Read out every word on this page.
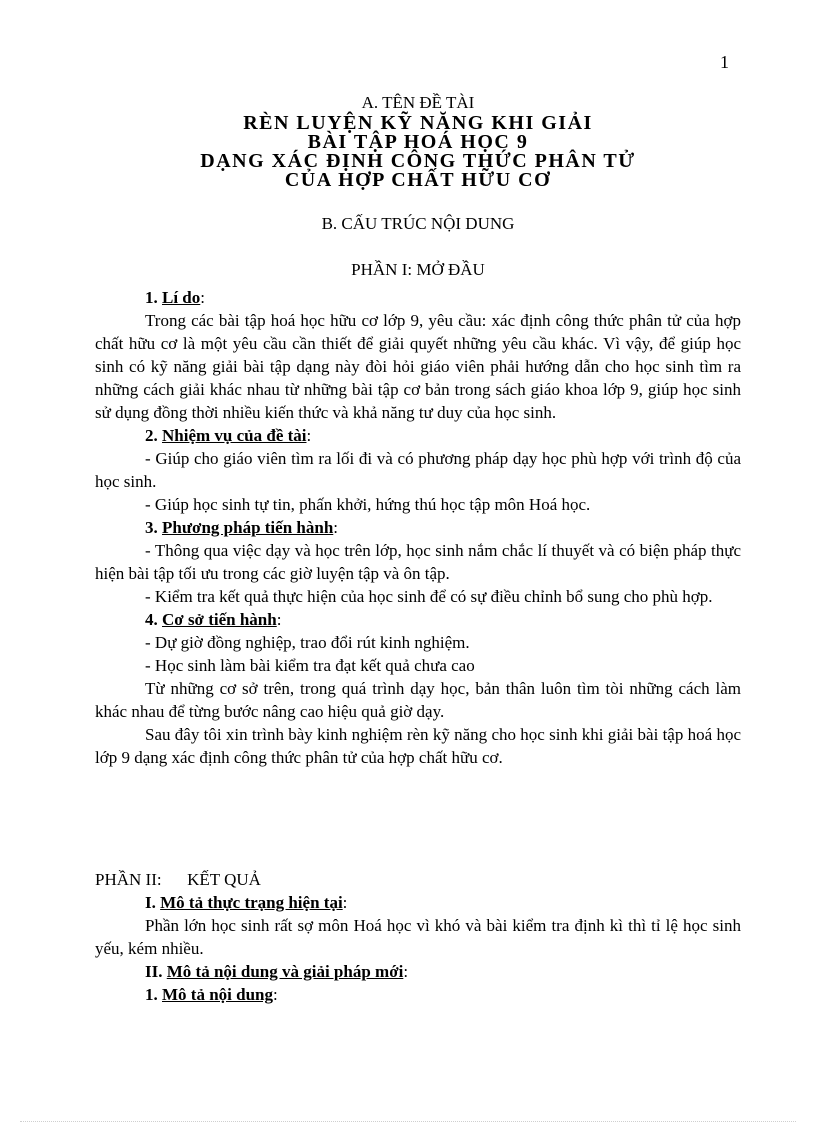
1
A. TÊN ĐỀ TÀI
RÈN LUYỆN KỸ NĂNG KHI GIẢI
BÀI TẬP HOÁ HỌC 9
DẠNG XÁC ĐỊNH CÔNG THỨC PHÂN TỬ
CỦA HỢP CHẤT HỮU CƠ
B. CẤU TRÚC NỘI DUNG
PHẦN I: MỞ ĐẦU

1. Lí do:

Trong các bài tập hoá học hữu cơ lớp 9, yêu cầu: xác định công thức phân tử của hợp chất hữu cơ là một yêu cầu cần thiết để giải quyết những yêu cầu khác. Vì vậy, để giúp học sinh có kỹ năng giải bài tập dạng này đòi hỏi giáo viên phải hướng dẫn cho học sinh tìm ra những cách giải khác nhau từ những bài tập cơ bản trong sách giáo khoa lớp 9, giúp học sinh sử dụng đồng thời nhiều kiến thức và khả năng tư duy của học sinh.

2. Nhiệm vụ của đề tài:

- Giúp cho giáo viên tìm ra lối đi và có phương pháp dạy học phù hợp với trình độ của học sinh.

- Giúp học sinh tự tin, phấn khởi, hứng thú học tập môn Hoá học.

3. Phương pháp tiến hành:

- Thông qua việc dạy và học trên lớp, học sinh nắm chắc lí thuyết và có biện pháp thực hiện bài tập tối ưu trong các giờ luyện tập và ôn tập.

- Kiểm tra kết quả thực hiện của học sinh để có sự điều chỉnh bổ sung cho phù hợp.

4. Cơ sở tiến hành:

- Dự giờ đồng nghiệp, trao đổi rút kinh nghiệm.

- Học sinh làm bài kiểm tra đạt kết quả chưa cao

Từ những cơ sở trên, trong quá trình dạy học, bản thân luôn tìm tòi những cách làm khác nhau để từng bước nâng cao hiệu quả giờ dạy.

Sau đây tôi xin trình bày kinh nghiệm rèn kỹ năng cho học sinh khi giải bài tập hoá học lớp 9 dạng xác định công thức phân tử của hợp chất hữu cơ.

PHẦN II: KẾT QUẢ

I. Mô tả thực trạng hiện tại:

Phần lớn học sinh rất sợ môn Hoá học vì khó và bài kiểm tra định kì thì tỉ lệ học sinh yếu, kém nhiều.

II. Mô tả nội dung và giải pháp mới:

1. Mô tả nội dung:
